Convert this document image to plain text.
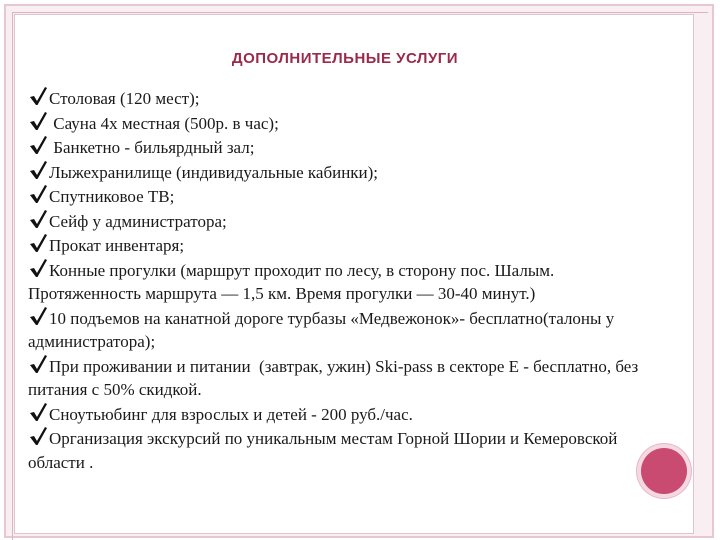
ДОПОЛНИТЕЛЬНЫЕ УСЛУГИ
Столовая (120 мест);
Сауна 4х местная (500р. в час);
Банкетно - бильярдный зал;
Лыжехранилище (индивидуальные кабинки);
Спутниковое ТВ;
Сейф у администратора;
Прокат инвентаря;
Конные прогулки (маршрут проходит по лесу, в сторону пос. Шалым. Протяженность маршрута — 1,5 км. Время прогулки — 30-40 минут.)
10 подъемов на канатной дороге турбазы «Медвежонок»- бесплатно(талоны у администратора);
При проживании и питании  (завтрак, ужин) Ski-pass в секторе Е - бесплатно, без питания с 50% скидкой.
Сноутьюбинг для взрослых и детей - 200 руб./час.
Организация экскурсий по уникальным местам Горной Шории и Кемеровской области .
